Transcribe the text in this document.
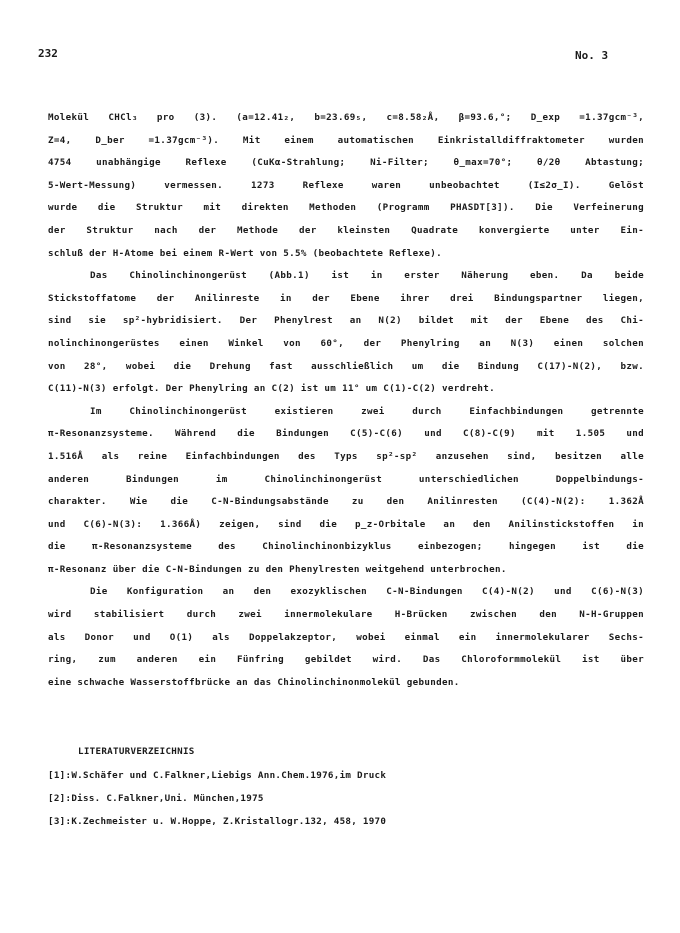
232	No. 3
Molekül CHCl₃ pro (3). (a=12.41₂, b=23.69₅, c=8.58₂Å, β=93.6,°; D_exp =1.37gcm⁻³,
Z=4, D_ber =1.37gcm⁻³). Mit einem automatischen Einkristalldiffraktometer wurden
4754 unabhängige Reflexe (CuKα-Strahlung; Ni-Filter; θ_max=70°; θ/2θ Abtastung;
5-Wert-Messung) vermessen. 1273 Reflexe waren unbeobachtet (I≤2σ_I). Gelöst
wurde die Struktur mit direkten Methoden (Programm PHASDT[3]). Die Verfeinerung
der Struktur nach der Methode der kleinsten Quadrate konvergierte unter Ein-
schluß der H-Atome bei einem R-Wert von 5.5% (beobachtete Reflexe).
Das Chinolinchinongerüst (Abb.1) ist in erster Näherung eben. Da beide
Stickstoffatome der Anilinreste in der Ebene ihrer drei Bindungspartner liegen,
sind sie sp²-hybridisiert. Der Phenylrest an N(2) bildet mit der Ebene des Chi-
nolinchinongerüstes einen Winkel von 60°, der Phenylring an N(3) einen solchen
von 28°, wobei die Drehung fast ausschließlich um die Bindung C(17)-N(2), bzw.
C(11)-N(3) erfolgt. Der Phenylring an C(2) ist um 11° um C(1)-C(2) verdreht.
Im Chinolinchinongerüst existieren zwei durch Einfachbindungen getrennte
π-Resonanzsysteme. Während die Bindungen C(5)-C(6) und C(8)-C(9) mit 1.505 und
1.516Å als reine Einfachbindungen des Typs sp²-sp² anzusehen sind, besitzen alle
anderen Bindungen im Chinolinchinongerüst unterschiedlichen Doppelbindungs-
charakter. Wie die C-N-Bindungsabstände zu den Anilinresten (C(4)-N(2): 1.362Å
und C(6)-N(3): 1.366Å) zeigen, sind die p_z-Orbitale an den Anilinstickstoffen in
die π-Resonanzsysteme des Chinolinchinonbizyklus einbezogen; hingegen ist die
π-Resonanz über die C-N-Bindungen zu den Phenylresten weitgehend unterbrochen.
Die Konfiguration an den exozyklischen C-N-Bindungen C(4)-N(2) und C(6)-N(3)
wird stabilisiert durch zwei innermolekulare H-Brücken zwischen den N-H-Gruppen
als Donor und O(1) als Doppelakzeptor, wobei einmal ein innermolekularer Sechs-
ring, zum anderen ein Fünfring gebildet wird. Das Chloroformmolekül ist über
eine schwache Wasserstoffbrücke an das Chinolinchinonmolekül gebunden.
LITERATURVERZEICHNIS
[1]:W.Schäfer und C.Falkner,Liebigs Ann.Chem.1976,im Druck
[2]:Diss. C.Falkner,Uni. München,1975
[3]:K.Zechmeister u. W.Hoppe, Z.Kristallogr.132, 458, 1970
